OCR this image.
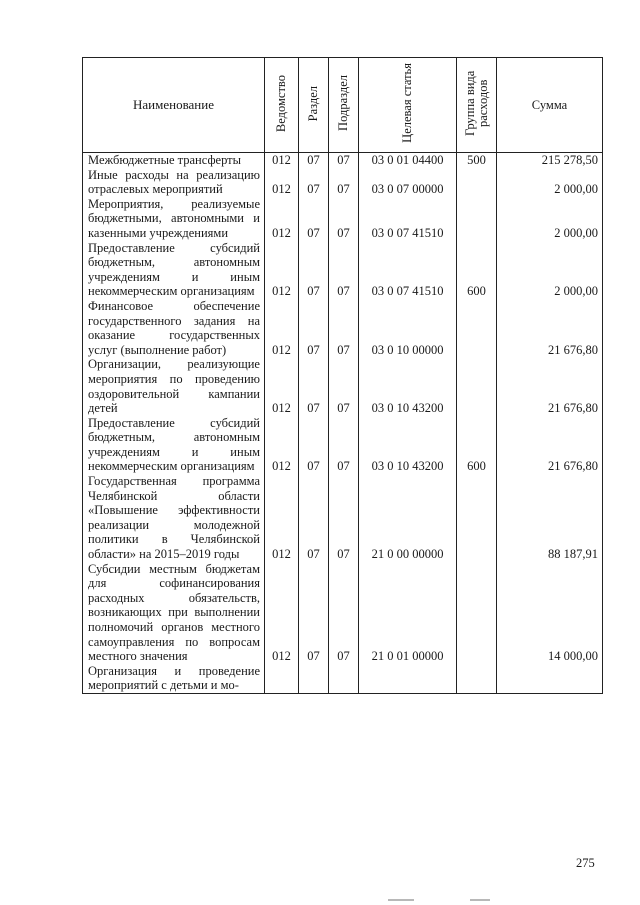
Наименование	Ведомство	Раздел	Подраздел	Целевая статья	Группа вида расходов	Сумма
Межбюджетные трансферты	012	07	07	03 0 01 04400	500	215 278,50
Иные расходы на реализацию отраслевых мероприятий	012	07	07	03 0 07 00000		2 000,00
Мероприятия, реализуемые бюджетными, автономными и казенными учреждениями	012	07	07	03 0 07 41510		2 000,00
Предоставление субсидий бюджетным, автономным учреждениям и иным некоммерческим организациям	012	07	07	03 0 07 41510	600	2 000,00
Финансовое обеспечение государственного задания на оказание государственных услуг (выполнение работ)	012	07	07	03 0 10 00000		21 676,80
Организации, реализующие мероприятия по проведению оздоровительной кампании детей	012	07	07	03 0 10 43200		21 676,80
Предоставление субсидий бюджетным, автономным учреждениям и иным некоммерческим организациям	012	07	07	03 0 10 43200	600	21 676,80
Государственная программа Челябинской области «Повышение эффективности реализации молодежной политики в Челябинской области» на 2015–2019 годы	012	07	07	21 0 00 00000		88 187,91
Субсидии местным бюджетам для софинансирования расходных обязательств, возникающих при выполнении полномочий органов местного самоуправления по вопросам местного значения	012	07	07	21 0 01 00000		14 000,00
Организация и проведение мероприятий с детьми и мо-						
275
